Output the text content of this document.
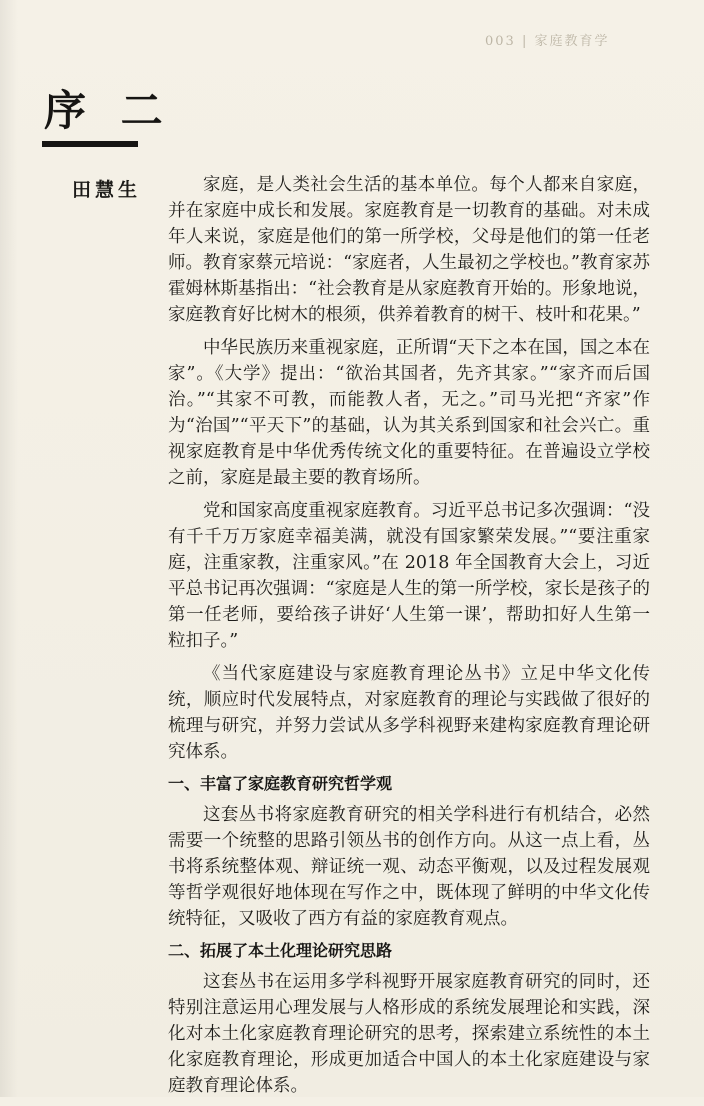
003 | 家庭教育学
序 二
田慧生	家庭，是人类社会生活的基本单位。每个人都来自家庭，并在家庭中成长和发展。家庭教育是一切教育的基础。对未成年人来说，家庭是他们的第一所学校，父母是他们的第一任老师。教育家蔡元培说：“家庭者，人生最初之学校也。”教育家苏霍姆林斯基指出：“社会教育是从家庭教育开始的。形象地说，家庭教育好比树木的根须，供养着教育的树干、枝叶和花果。”

中华民族历来重视家庭，正所谓“天下之本在国，国之本在家”。《大学》提出：“欲治其国者，先齐其家。”“家齐而后国治。”“其家不可教，而能教人者，无之。”司马光把“齐家”作为“治国”“平天下”的基础，认为其关系到国家和社会兴亡。重视家庭教育是中华优秀传统文化的重要特征。在普遍设立学校之前，家庭是最主要的教育场所。

党和国家高度重视家庭教育。习近平总书记多次强调：“没有千千万万家庭幸福美满，就没有国家繁荣发展。”“要注重家庭，注重家教，注重家风。”在 2018 年全国教育大会上，习近平总书记再次强调：“家庭是人生的第一所学校，家长是孩子的第一任老师，要给孩子讲好‘人生第一课’，帮助扣好人生第一粒扣子。”

《当代家庭建设与家庭教育理论丛书》立足中华文化传统，顺应时代发展特点，对家庭教育的理论与实践做了很好的梳理与研究，并努力尝试从多学科视野来建构家庭教育理论研究体系。

一、丰富了家庭教育研究哲学观

这套丛书将家庭教育研究的相关学科进行有机结合，必然需要一个统整的思路引领丛书的创作方向。从这一点上看，丛书将系统整体观、辩证统一观、动态平衡观，以及过程发展观等哲学观很好地体现在写作之中，既体现了鲜明的中华文化传统特征，又吸收了西方有益的家庭教育观点。

二、拓展了本土化理论研究思路

这套丛书在运用多学科视野开展家庭教育研究的同时，还特别注意运用心理发展与人格形成的系统发展理论和实践，深化对本土化家庭教育理论研究的思考，探索建立系统性的本土化家庭教育理论，形成更加适合中国人的本土化家庭建设与家庭教育理论体系。
